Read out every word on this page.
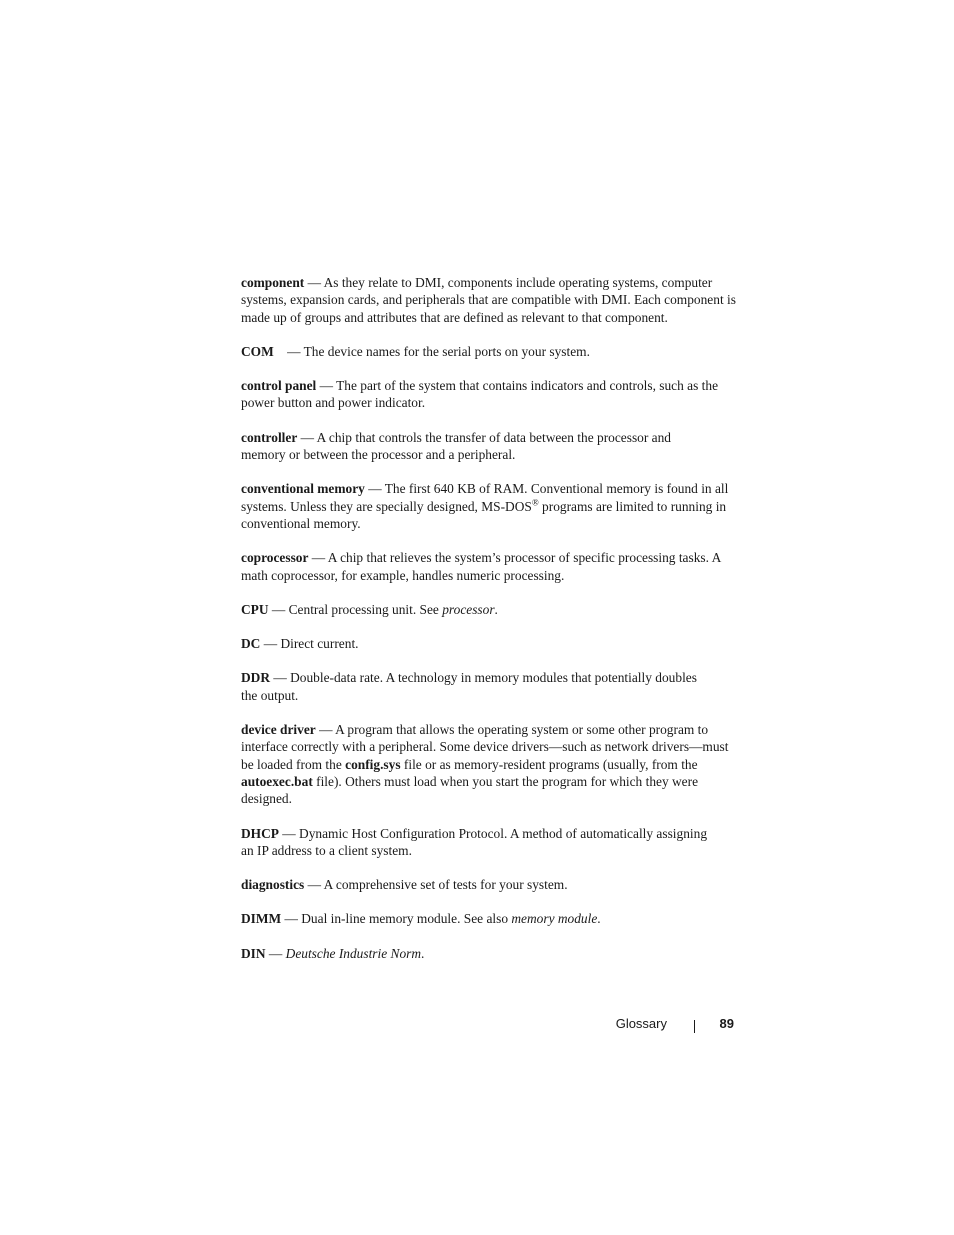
component — As they relate to DMI, components include operating systems, computer systems, expansion cards, and peripherals that are compatible with DMI. Each component is made up of groups and attributes that are defined as relevant to that component.

COM — The device names for the serial ports on your system.

control panel — The part of the system that contains indicators and controls, such as the power button and power indicator.

controller — A chip that controls the transfer of data between the processor and memory or between the processor and a peripheral.

conventional memory — The first 640 KB of RAM. Conventional memory is found in all systems. Unless they are specially designed, MS-DOS® programs are limited to running in conventional memory.

coprocessor — A chip that relieves the system’s processor of specific processing tasks. A math coprocessor, for example, handles numeric processing.

CPU — Central processing unit. See processor.

DC — Direct current.

DDR — Double-data rate. A technology in memory modules that potentially doubles the output.

device driver — A program that allows the operating system or some other program to interface correctly with a peripheral. Some device drivers—such as network drivers—must be loaded from the config.sys file or as memory-resident programs (usually, from the autoexec.bat file). Others must load when you start the program for which they were designed.

DHCP — Dynamic Host Configuration Protocol. A method of automatically assigning an IP address to a client system.

diagnostics — A comprehensive set of tests for your system.

DIMM — Dual in-line memory module. See also memory module.

DIN — Deutsche Industrie Norm.

Glossary	89
